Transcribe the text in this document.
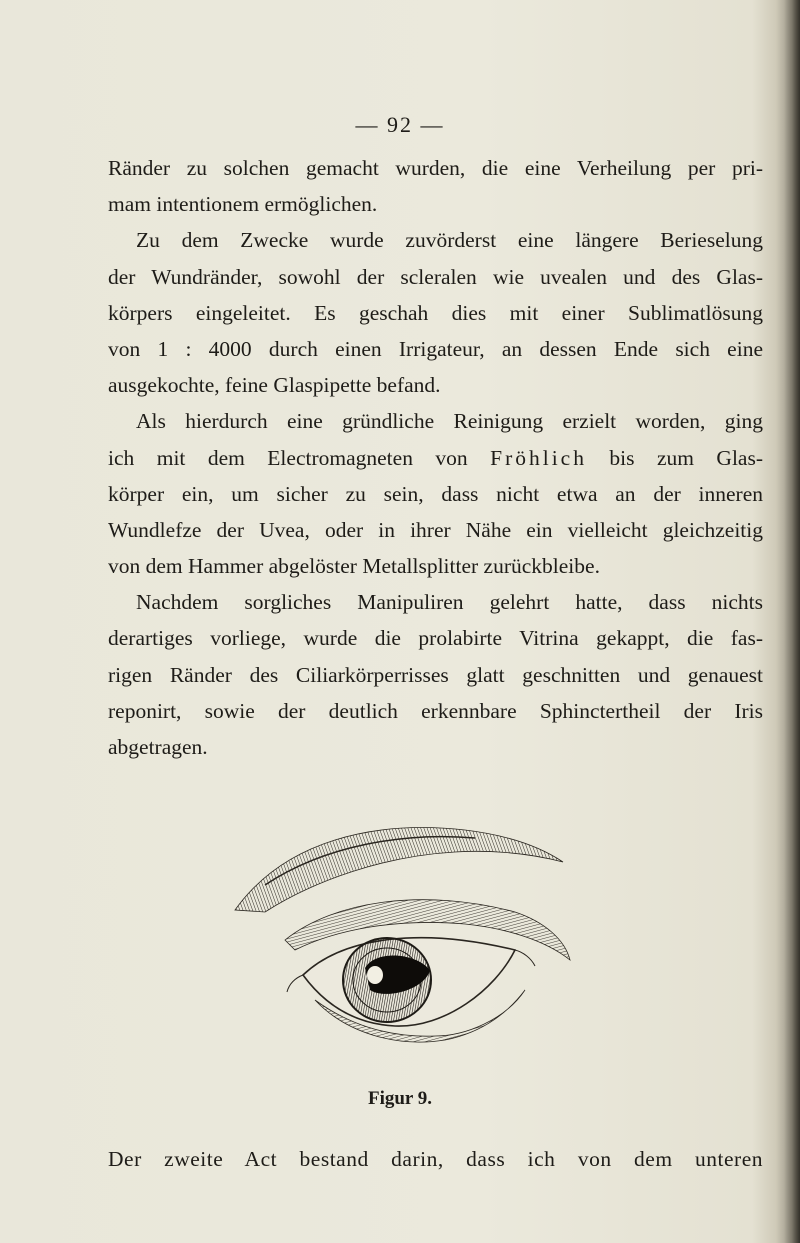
— 92 —
Ränder zu solchen gemacht wurden, die eine Verheilung per pri-
mam intentionem ermöglichen.
Zu dem Zwecke wurde zuvörderst eine längere Berieselung
der Wundränder, sowohl der scleralen wie uvealen und des Glas-
körpers eingeleitet. Es geschah dies mit einer Sublimatlösung
von 1 : 4000 durch einen Irrigateur, an dessen Ende sich eine
ausgekochte, feine Glaspipette befand.
Als hierdurch eine gründliche Reinigung erzielt worden, ging
ich mit dem Electromagneten von Fröhlich bis zum Glas-
körper ein, um sicher zu sein, dass nicht etwa an der inneren
Wundlefze der Uvea, oder in ihrer Nähe ein vielleicht gleichzeitig
von dem Hammer abgelöster Metallsplitter zurückbleibe.
Nachdem sorgliches Manipuliren gelehrt hatte, dass nichts
derartiges vorliege, wurde die prolabirte Vitrina gekappt, die fas-
rigen Ränder des Ciliarkörperrisses glatt geschnitten und genauest
reponirt, sowie der deutlich erkennbare Sphinctertheil der Iris
abgetragen.
Figur 9.
Der zweite Act bestand darin, dass ich von dem unteren
